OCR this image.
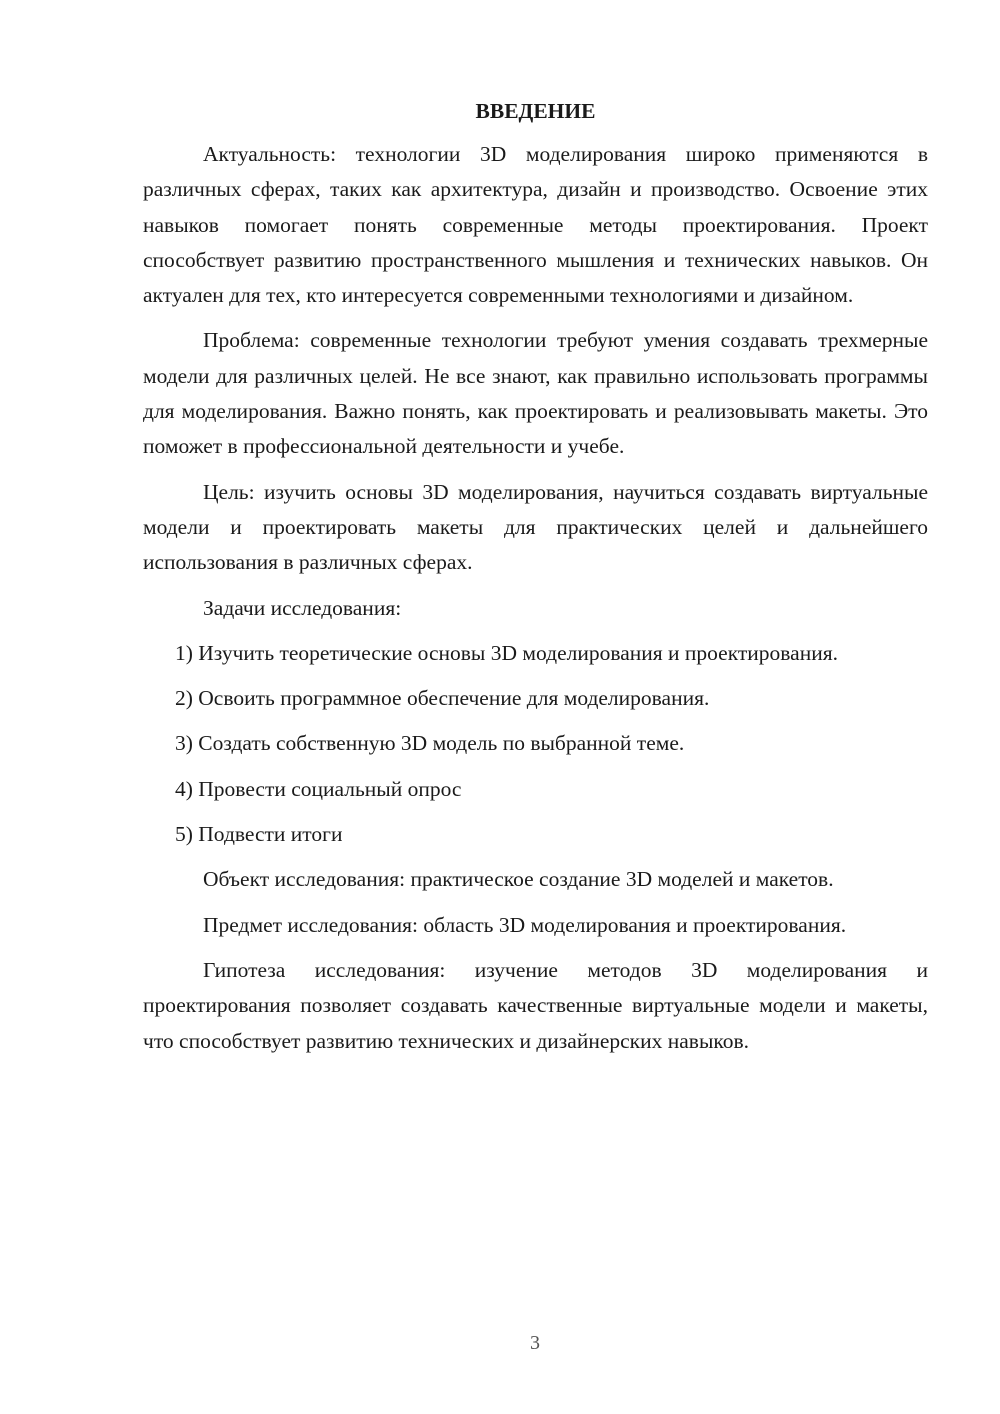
ВВЕДЕНИЕ

Актуальность: технологии 3D моделирования широко применяются в различных сферах, таких как архитектура, дизайн и производство. Освоение этих навыков помогает понять современные методы проектирования. Проект способствует развитию пространственного мышления и технических навыков. Он актуален для тех, кто интересуется современными технологиями и дизайном.

Проблема: современные технологии требуют умения создавать трехмерные модели для различных целей. Не все знают, как правильно использовать программы для моделирования. Важно понять, как проектировать и реализовывать макеты. Это поможет в профессиональной деятельности и учебе.

Цель: изучить основы 3D моделирования, научиться создавать виртуальные модели и проектировать макеты для практических целей и дальнейшего использования в различных сферах.

Задачи исследования:

1) Изучить теоретические основы 3D моделирования и проектирования.

2) Освоить программное обеспечение для моделирования.

3) Создать собственную 3D модель по выбранной теме.

4) Провести социальный опрос

5) Подвести итоги

Объект исследования: практическое создание 3D моделей и макетов.

Предмет исследования: область 3D моделирования и проектирования.

Гипотеза исследования: изучение методов 3D моделирования и проектирования позволяет создавать качественные виртуальные модели и макеты, что способствует развитию технических и дизайнерских навыков.

3
